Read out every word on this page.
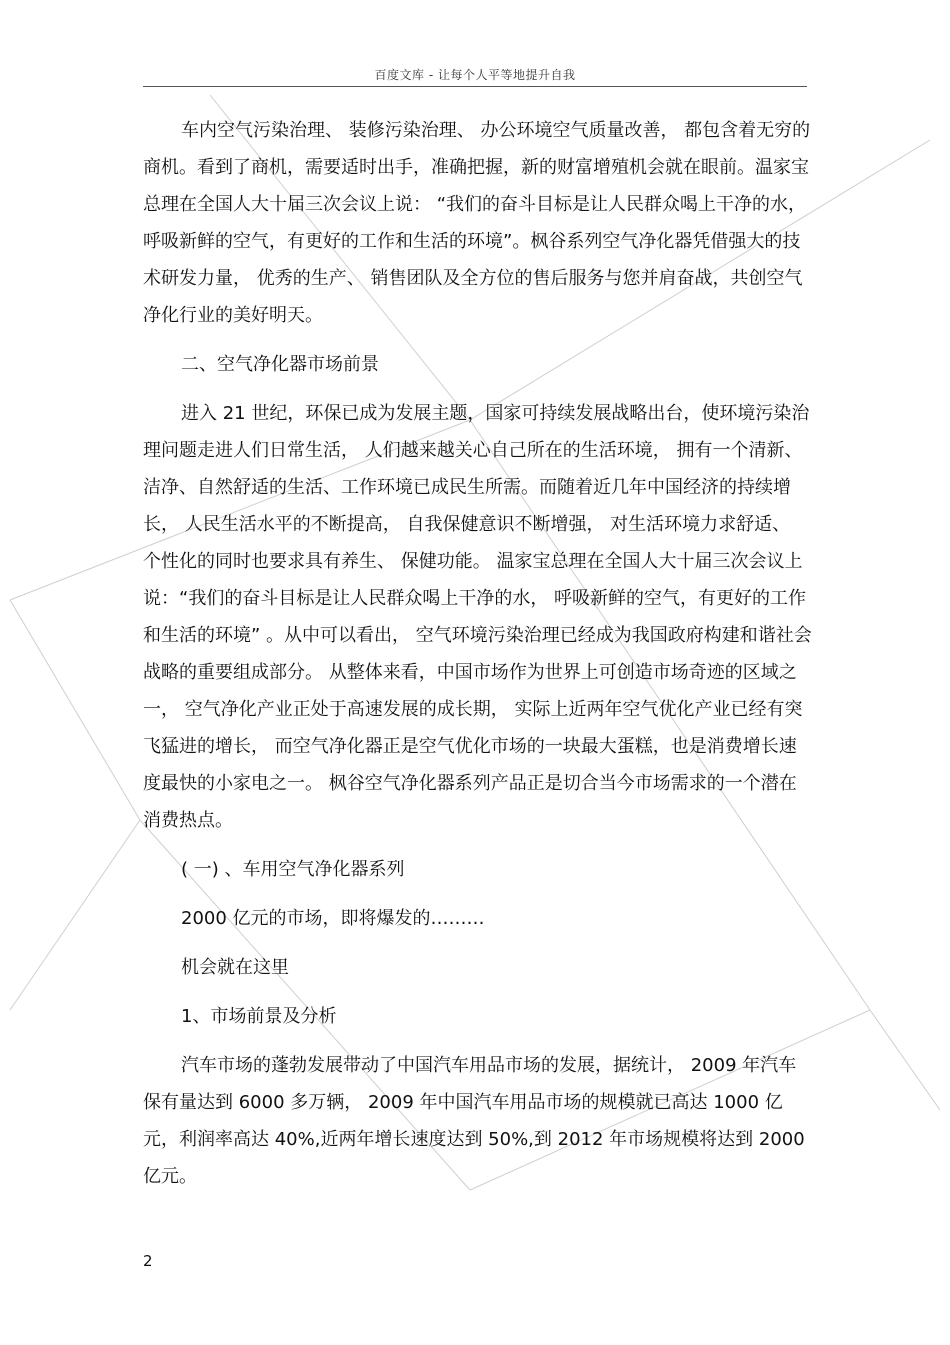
百度文库 - 让每个人平等地提升自我

车内空气污染治理、 装修污染治理、 办公环境空气质量改善， 都包含着无穷的商机。看到了商机，需要适时出手，准确把握，新的财富增殖机会就在眼前。温家宝总理在全国人大十届三次会议上说： “我们的奋斗目标是让人民群众喝上干净的水，呼吸新鲜的空气，有更好的工作和生活的环境”。枫谷系列空气净化器凭借强大的技术研发力量， 优秀的生产、 销售团队及全方位的售后服务与您并肩奋战，共创空气净化行业的美好明天。

二、空气净化器市场前景

进入 21 世纪，环保已成为发展主题，国家可持续发展战略出台，使环境污染治理问题走进人们日常生活， 人们越来越关心自己所在的生活环境， 拥有一个清新、洁净、自然舒适的生活、工作环境已成民生所需。而随着近几年中国经济的持续增长， 人民生活水平的不断提高， 自我保健意识不断增强， 对生活环境力求舒适、 个性化的同时也要求具有养生、 保健功能。 温家宝总理在全国人大十届三次会议上说：“我们的奋斗目标是让人民群众喝上干净的水， 呼吸新鲜的空气，有更好的工作和生活的环境” 。从中可以看出， 空气环境污染治理已经成为我国政府构建和谐社会战略的重要组成部分。 从整体来看，中国市场作为世界上可创造市场奇迹的区域之一， 空气净化产业正处于高速发展的成长期， 实际上近两年空气优化产业已经有突飞猛进的增长， 而空气净化器正是空气优化市场的一块最大蛋糕，也是消费增长速度最快的小家电之一。 枫谷空气净化器系列产品正是切合当今市场需求的一个潜在消费热点。

( 一) 、车用空气净化器系列

2000 亿元的市场，即将爆发的………

机会就在这里

1、市场前景及分析

汽车市场的蓬勃发展带动了中国汽车用品市场的发展，据统计， 2009 年汽车保有量达到 6000 多万辆， 2009 年中国汽车用品市场的规模就已高达 1000 亿元，利润率高达 40%,近两年增长速度达到 50%,到 2012 年市场规模将达到 2000 亿元。

2
